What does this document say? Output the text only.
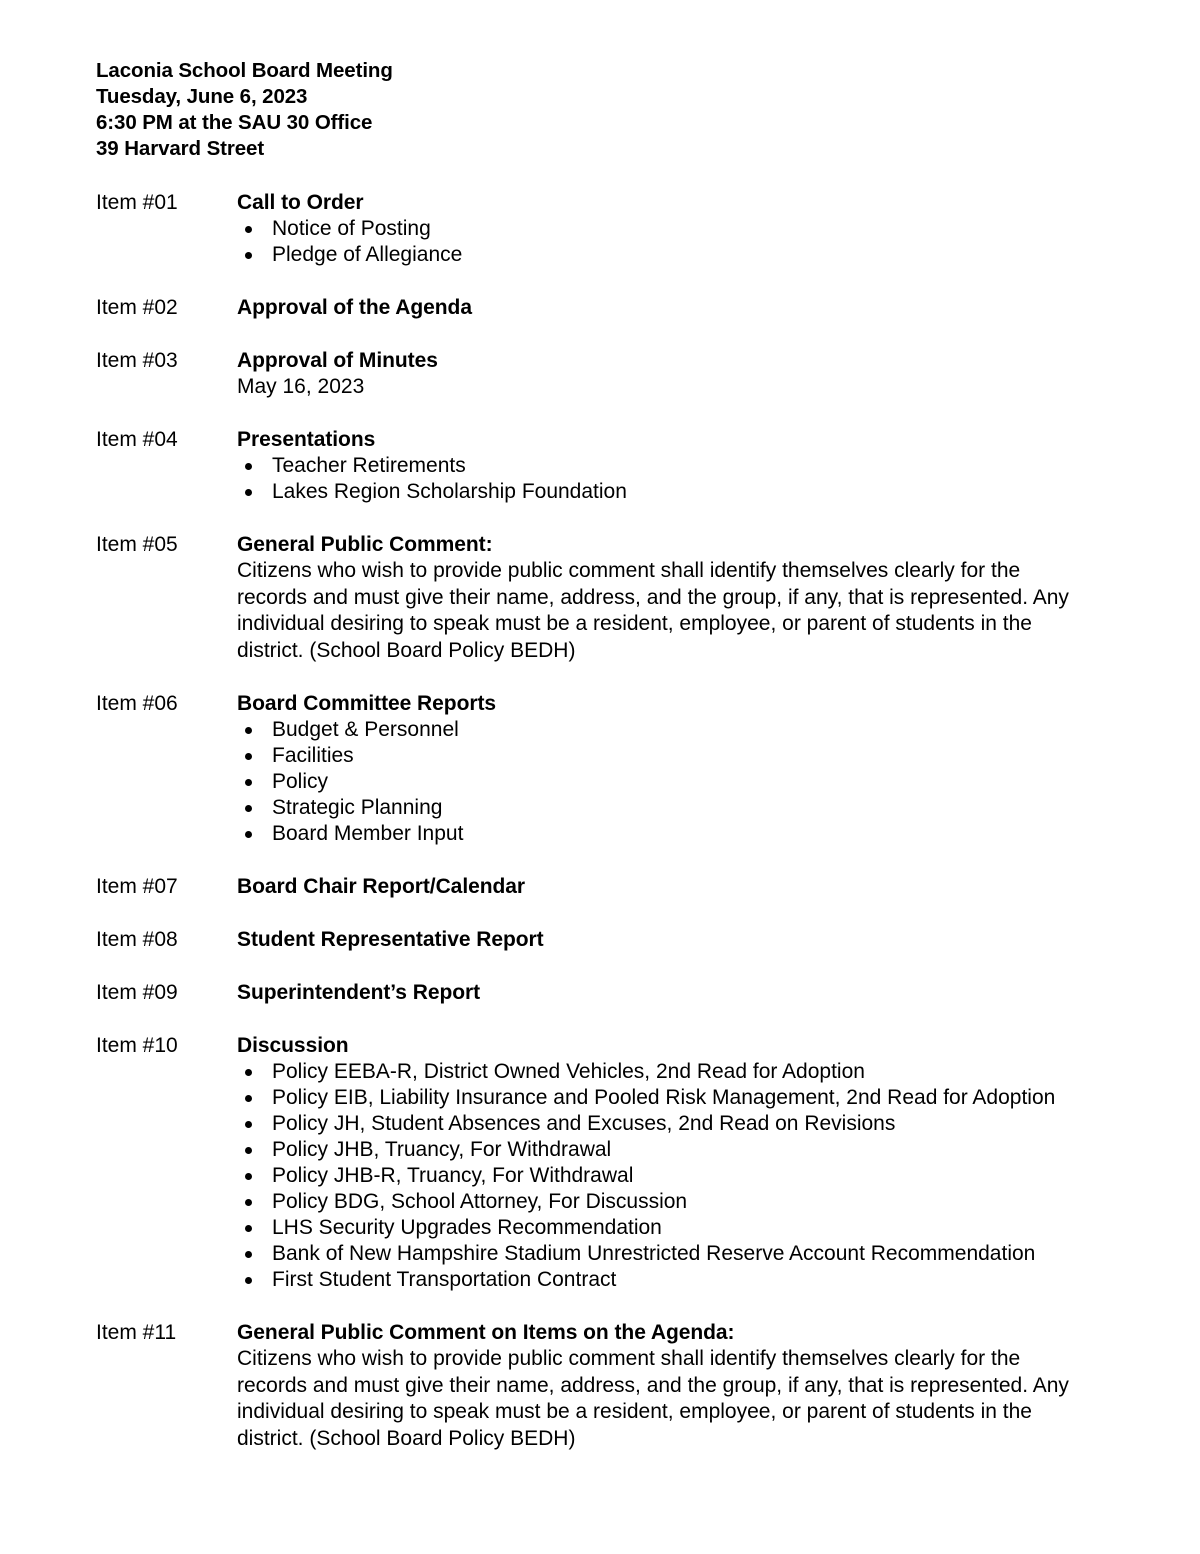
Laconia School Board Meeting
Tuesday, June 6, 2023
6:30 PM at the SAU 30 Office
39 Harvard Street
Item #01	Call to Order
Notice of Posting
Pledge of Allegiance
Item #02	Approval of the Agenda
Item #03	Approval of Minutes
May 16, 2023
Item #04	Presentations
Teacher Retirements
Lakes Region Scholarship Foundation
Item #05	General Public Comment:
Citizens who wish to provide public comment shall identify themselves clearly for the records and must give their name, address, and the group, if any, that is represented. Any individual desiring to speak must be a resident, employee, or parent of students in the district. (School Board Policy BEDH)
Item #06	Board Committee Reports
Budget & Personnel
Facilities
Policy
Strategic Planning
Board Member Input
Item #07	Board Chair Report/Calendar
Item #08	Student Representative Report
Item #09	Superintendent’s Report
Item #10	Discussion
Policy EEBA-R, District Owned Vehicles, 2nd Read for Adoption
Policy EIB, Liability Insurance and Pooled Risk Management, 2nd Read for Adoption
Policy JH, Student Absences and Excuses, 2nd Read on Revisions
Policy JHB, Truancy, For Withdrawal
Policy JHB-R, Truancy, For Withdrawal
Policy BDG, School Attorney, For Discussion
LHS Security Upgrades Recommendation
Bank of New Hampshire Stadium Unrestricted Reserve Account Recommendation
First Student Transportation Contract
Item #11	General Public Comment on Items on the Agenda:
Citizens who wish to provide public comment shall identify themselves clearly for the records and must give their name, address, and the group, if any, that is represented. Any individual desiring to speak must be a resident, employee, or parent of students in the district. (School Board Policy BEDH)
